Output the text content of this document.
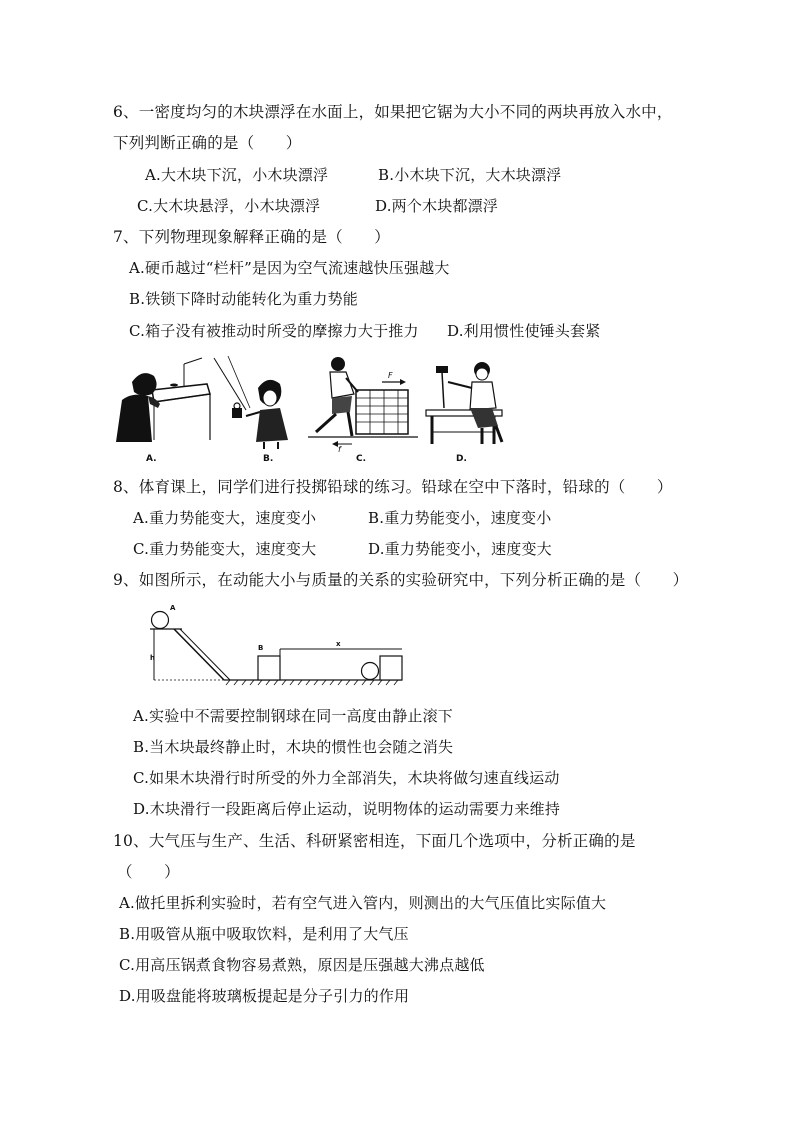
6、一密度均匀的木块漂浮在水面上，如果把它锯为大小不同的两块再放入水中，
下列判断正确的是（　　）
A.大木块下沉，小木块漂浮	B.小木块下沉，大木块漂浮
C.大木块悬浮，小木块漂浮	D.两个木块都漂浮
7、下列物理现象解释正确的是（　　）
A.硬币越过“栏杆”是因为空气流速越快压强越大
B.铁锁下降时动能转化为重力势能
C.箱子没有被推动时所受的摩擦力大于推力 D.利用惯性使锤头套紧
F
f
A.	B.	C.	D.
8、体育课上，同学们进行投掷铅球的练习。铅球在空中下落时，铅球的（　　）
A.重力势能变大，速度变小	B.重力势能变小，速度变小
C.重力势能变大，速度变大	D.重力势能变小，速度变大
9、如图所示，在动能大小与质量的关系的实验研究中，下列分析正确的是（　　）
A
h
B	x
A.实验中不需要控制钢球在同一高度由静止滚下
B.当木块最终静止时，木块的惯性也会随之消失
C.如果木块滑行时所受的外力全部消失，木块将做匀速直线运动
D.木块滑行一段距离后停止运动，说明物体的运动需要力来维持
10、大气压与生产、生活、科研紧密相连，下面几个选项中，分析正确的是
（　　）
A.做托里拆利实验时，若有空气进入管内，则测出的大气压值比实际值大
B.用吸管从瓶中吸取饮料，是利用了大气压
C.用高压锅煮食物容易煮熟，原因是压强越大沸点越低
D.用吸盘能将玻璃板提起是分子引力的作用
